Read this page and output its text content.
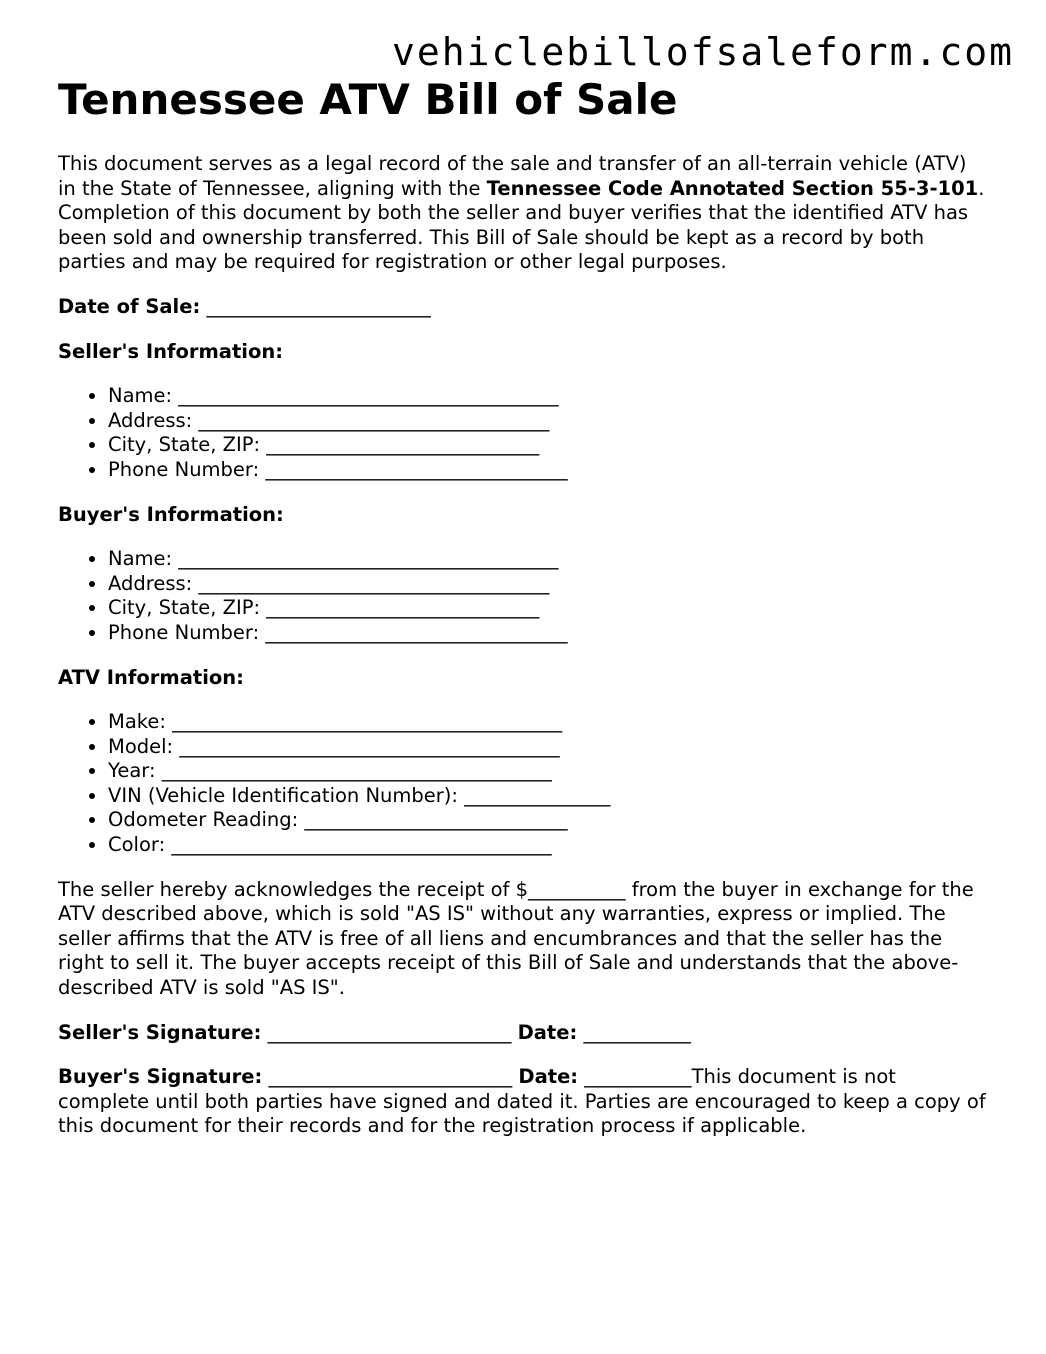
vehiclebillofsaleform.com
Tennessee ATV Bill of Sale

This document serves as a legal record of the sale and transfer of an all-terrain vehicle (ATV) in the State of Tennessee, aligning with the Tennessee Code Annotated Section 55-3-101. Completion of this document by both the seller and buyer verifies that the identified ATV has been sold and ownership transferred. This Bill of Sale should be kept as a record by both parties and may be required for registration or other legal purposes.

Date of Sale: _______________________

Seller's Information:

• Name: _______________________________________
• Address: ____________________________________
• City, State, ZIP: ____________________________
• Phone Number: _______________________________

Buyer's Information:

• Name: _______________________________________
• Address: ____________________________________
• City, State, ZIP: ____________________________
• Phone Number: _______________________________

ATV Information:

• Make: ________________________________________
• Model: _______________________________________
• Year: ________________________________________
• VIN (Vehicle Identification Number): _______________
• Odometer Reading: ___________________________
• Color: _______________________________________

The seller hereby acknowledges the receipt of $__________ from the buyer in exchange for the ATV described above, which is sold "AS IS" without any warranties, express or implied. The seller affirms that the ATV is free of all liens and encumbrances and that the seller has the right to sell it. The buyer accepts receipt of this Bill of Sale and understands that the above-described ATV is sold "AS IS".

Seller's Signature: _________________________ Date: ___________

Buyer's Signature: _________________________ Date: ___________This document is not complete until both parties have signed and dated it. Parties are encouraged to keep a copy of this document for their records and for the registration process if applicable.
